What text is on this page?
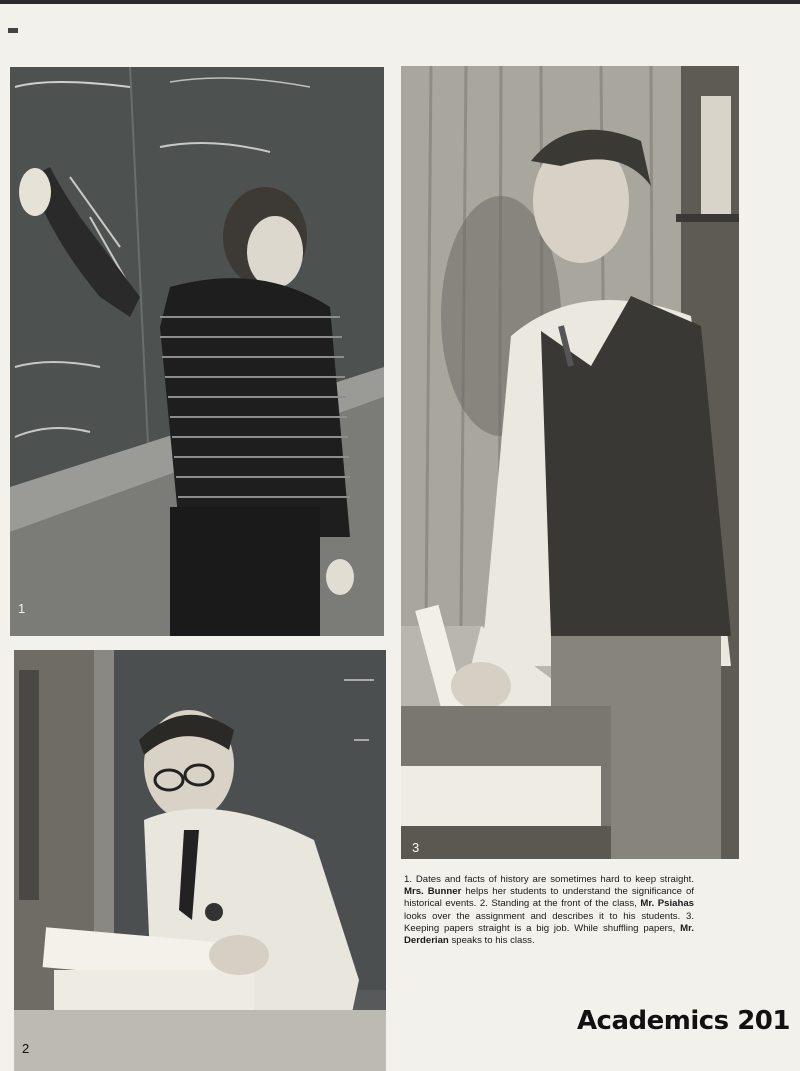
1
2
3
1. Dates and facts of history are sometimes hard to keep straight. Mrs. Bunner helps her students to understand the significance of historical events. 2. Standing at the front of the class, Mr. Psiahas looks over the assignment and describes it to his students. 3. Keeping papers straight is a big job. While shuffling papers, Mr. Derderian speaks to his class.
Academics 201
